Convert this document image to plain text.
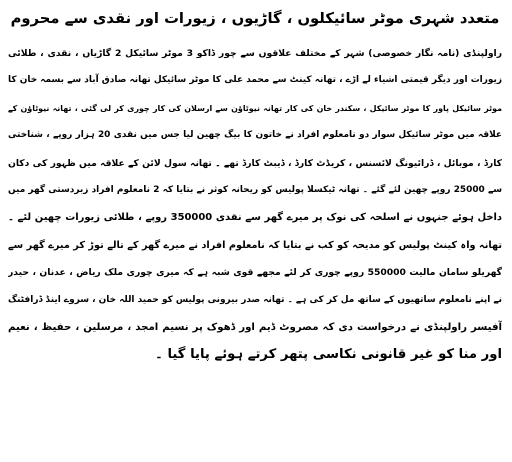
متعدد شہری موٹر سائیکلوں ، گاڑیوں ، زیورات اور نقدی سے محروم
راولپنڈی (نامہ نگار خصوصی) شہر کے مختلف علاقوں سے چور ڈاکو 3 موٹر سائیکل 2 گاڑیاں ، نقدی ، طلائی
زیورات اور دیگر قیمتی اشیاء لے اڑے ، تھانہ کینٹ سے محمد علی کا موٹر سائیکل تھانہ صادق آباد سے بسمہ خان کا
موٹر سائیکل پاور کا موٹر سائیکل ، سکندر خان کی کار تھانہ نیوٹاؤن سے ارسلان کی کار چوری کر لی گئی ، تھانہ نیوٹاؤن کے
علاقہ میں موٹر سائیکل سوار دو نامعلوم افراد نے خاتون کا بیگ چھین لیا جس میں نقدی 20 ہزار روپے ، شناختی
کارڈ ، موبائل ، ڈرائیونگ لائسنس ، کریڈٹ کارڈ ، ڈیبٹ کارڈ تھے ۔ تھانہ سول لائن کے علاقہ میں ظہور کی دکان
سے 25000 روپے چھین لئے گئے ۔ تھانہ ٹیکسلا پولیس کو ریحانہ کوثر نے بتایا کہ 2 نامعلوم افراد زبردستی گھر میں
داخل ہوئے جنہوں نے اسلحہ کی نوک پر میرے گھر سے نقدی 350000 روپے ، طلائی زیورات چھین لئے ۔
تھانہ واہ کینٹ پولیس کو مدیحہ کو کب نے بتایا کہ نامعلوم افراد نے میرے گھر کے تالے توڑ کر میرے گھر سے
گھریلو سامان مالیت 550000 روپے چوری کر لئے مجھے قوی شبہ ہے کہ میری چوری ملک ریاض ، عدنان ، حیدر
نے اپنے نامعلوم ساتھیوں کے ساتھ مل کر کی ہے ۔ تھانہ صدر بیرونی پولیس کو حمید اللہ خان ، سروے اینڈ ڈرافٹنگ
آفیسر راولپنڈی نے درخواست دی کہ مصروٹ ڈیم اور ڈھوک پر نسیم امجد ، مرسلین ، حفیظ ، نعیم
اور منا کو غیر قانونی نکاسی پتھر کرتے ہوئے پایا گیا ۔
